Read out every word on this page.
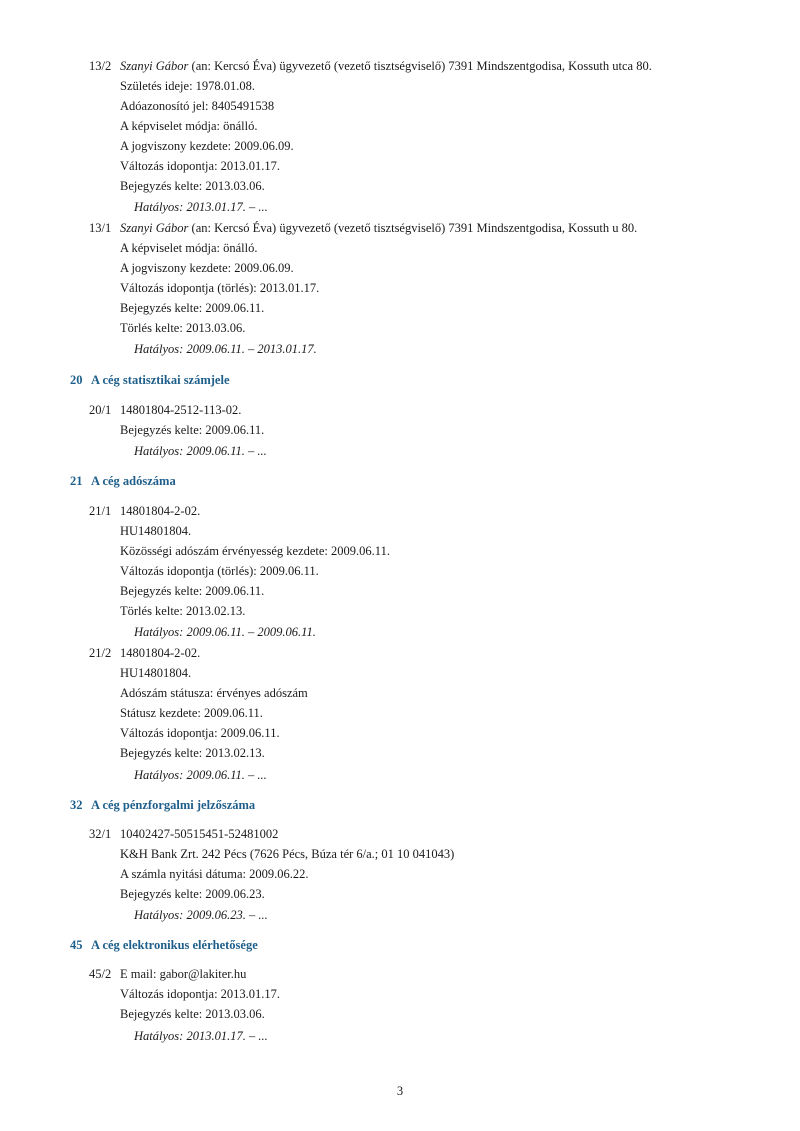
13/2 Szanyi Gábor (an: Kercsó Éva) ügyvezető (vezető tisztségviselő) 7391 Mindszentgodisa, Kossuth utca 80.
Születés ideje: 1978.01.08.
Adóazonosító jel: 8405491538
A képviselet módja: önálló.
A jogviszony kezdete: 2009.06.09.
Változás idopontja: 2013.01.17.
Bejegyzés kelte: 2013.03.06.
Hatályos: 2013.01.17. – ...
13/1 Szanyi Gábor (an: Kercsó Éva) ügyvezető (vezető tisztségviselő) 7391 Mindszentgodisa, Kossuth u 80.
A képviselet módja: önálló.
A jogviszony kezdete: 2009.06.09.
Változás idopontja (törlés): 2013.01.17.
Bejegyzés kelte: 2009.06.11.
Törlés kelte: 2013.03.06.
Hatályos: 2009.06.11. – 2013.01.17.
20 A cég statisztikai számjele
20/1 14801804-2512-113-02.
Bejegyzés kelte: 2009.06.11.
Hatályos: 2009.06.11. – ...
21 A cég adószáma
21/1 14801804-2-02.
HU14801804.
Közösségi adószám érvényesség kezdete: 2009.06.11.
Változás idopontja (törlés): 2009.06.11.
Bejegyzés kelte: 2009.06.11.
Törlés kelte: 2013.02.13.
Hatályos: 2009.06.11. – 2009.06.11.
21/2 14801804-2-02.
HU14801804.
Adószám státusza: érvényes adószám
Státusz kezdete: 2009.06.11.
Változás idopontja: 2009.06.11.
Bejegyzés kelte: 2013.02.13.
Hatályos: 2009.06.11. – ...
32 A cég pénzforgalmi jelzőszáma
32/1 10402427-50515451-52481002
K&H Bank Zrt. 242 Pécs (7626 Pécs, Búza tér 6/a.; 01 10 041043)
A számla nyitási dátuma: 2009.06.22.
Bejegyzés kelte: 2009.06.23.
Hatályos: 2009.06.23. – ...
45 A cég elektronikus elérhetősége
45/2 E mail: gabor@lakiter.hu
Változás idopontja: 2013.01.17.
Bejegyzés kelte: 2013.03.06.
Hatályos: 2013.01.17. – ...
3
